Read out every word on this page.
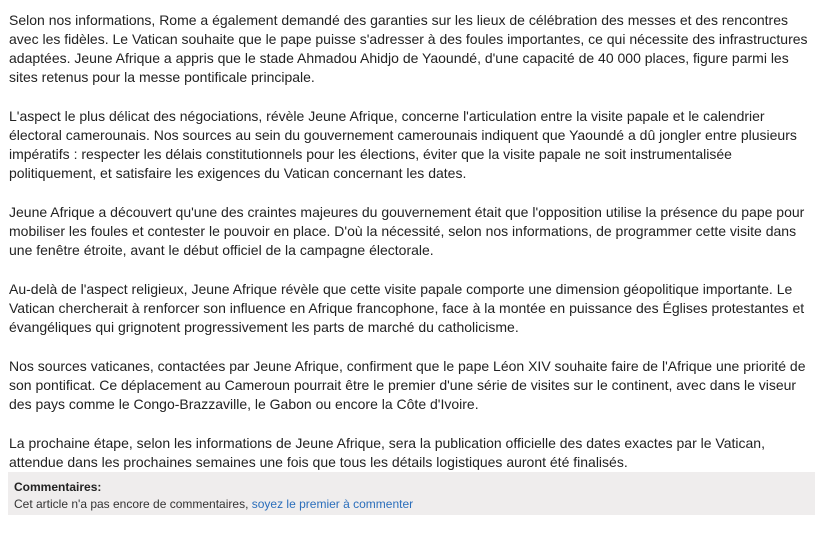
Selon nos informations, Rome a également demandé des garanties sur les lieux de célébration des messes et des rencontres avec les fidèles. Le Vatican souhaite que le pape puisse s'adresser à des foules importantes, ce qui nécessite des infrastructures adaptées. Jeune Afrique a appris que le stade Ahmadou Ahidjo de Yaoundé, d'une capacité de 40 000 places, figure parmi les sites retenus pour la messe pontificale principale.

L'aspect le plus délicat des négociations, révèle Jeune Afrique, concerne l'articulation entre la visite papale et le calendrier électoral camerounais. Nos sources au sein du gouvernement camerounais indiquent que Yaoundé a dû jongler entre plusieurs impératifs : respecter les délais constitutionnels pour les élections, éviter que la visite papale ne soit instrumentalisée politiquement, et satisfaire les exigences du Vatican concernant les dates.

Jeune Afrique a découvert qu'une des craintes majeures du gouvernement était que l'opposition utilise la présence du pape pour mobiliser les foules et contester le pouvoir en place. D'où la nécessité, selon nos informations, de programmer cette visite dans une fenêtre étroite, avant le début officiel de la campagne électorale.

Au-delà de l'aspect religieux, Jeune Afrique révèle que cette visite papale comporte une dimension géopolitique importante. Le Vatican chercherait à renforcer son influence en Afrique francophone, face à la montée en puissance des Églises protestantes et évangéliques qui grignotent progressivement les parts de marché du catholicisme.

Nos sources vaticanes, contactées par Jeune Afrique, confirment que le pape Léon XIV souhaite faire de l'Afrique une priorité de son pontificat. Ce déplacement au Cameroun pourrait être le premier d'une série de visites sur le continent, avec dans le viseur des pays comme le Congo-Brazzaville, le Gabon ou encore la Côte d'Ivoire.

La prochaine étape, selon les informations de Jeune Afrique, sera la publication officielle des dates exactes par le Vatican, attendue dans les prochaines semaines une fois que tous les détails logistiques auront été finalisés.

Commentaires:
Cet article n'a pas encore de commentaires, soyez le premier à commenter
